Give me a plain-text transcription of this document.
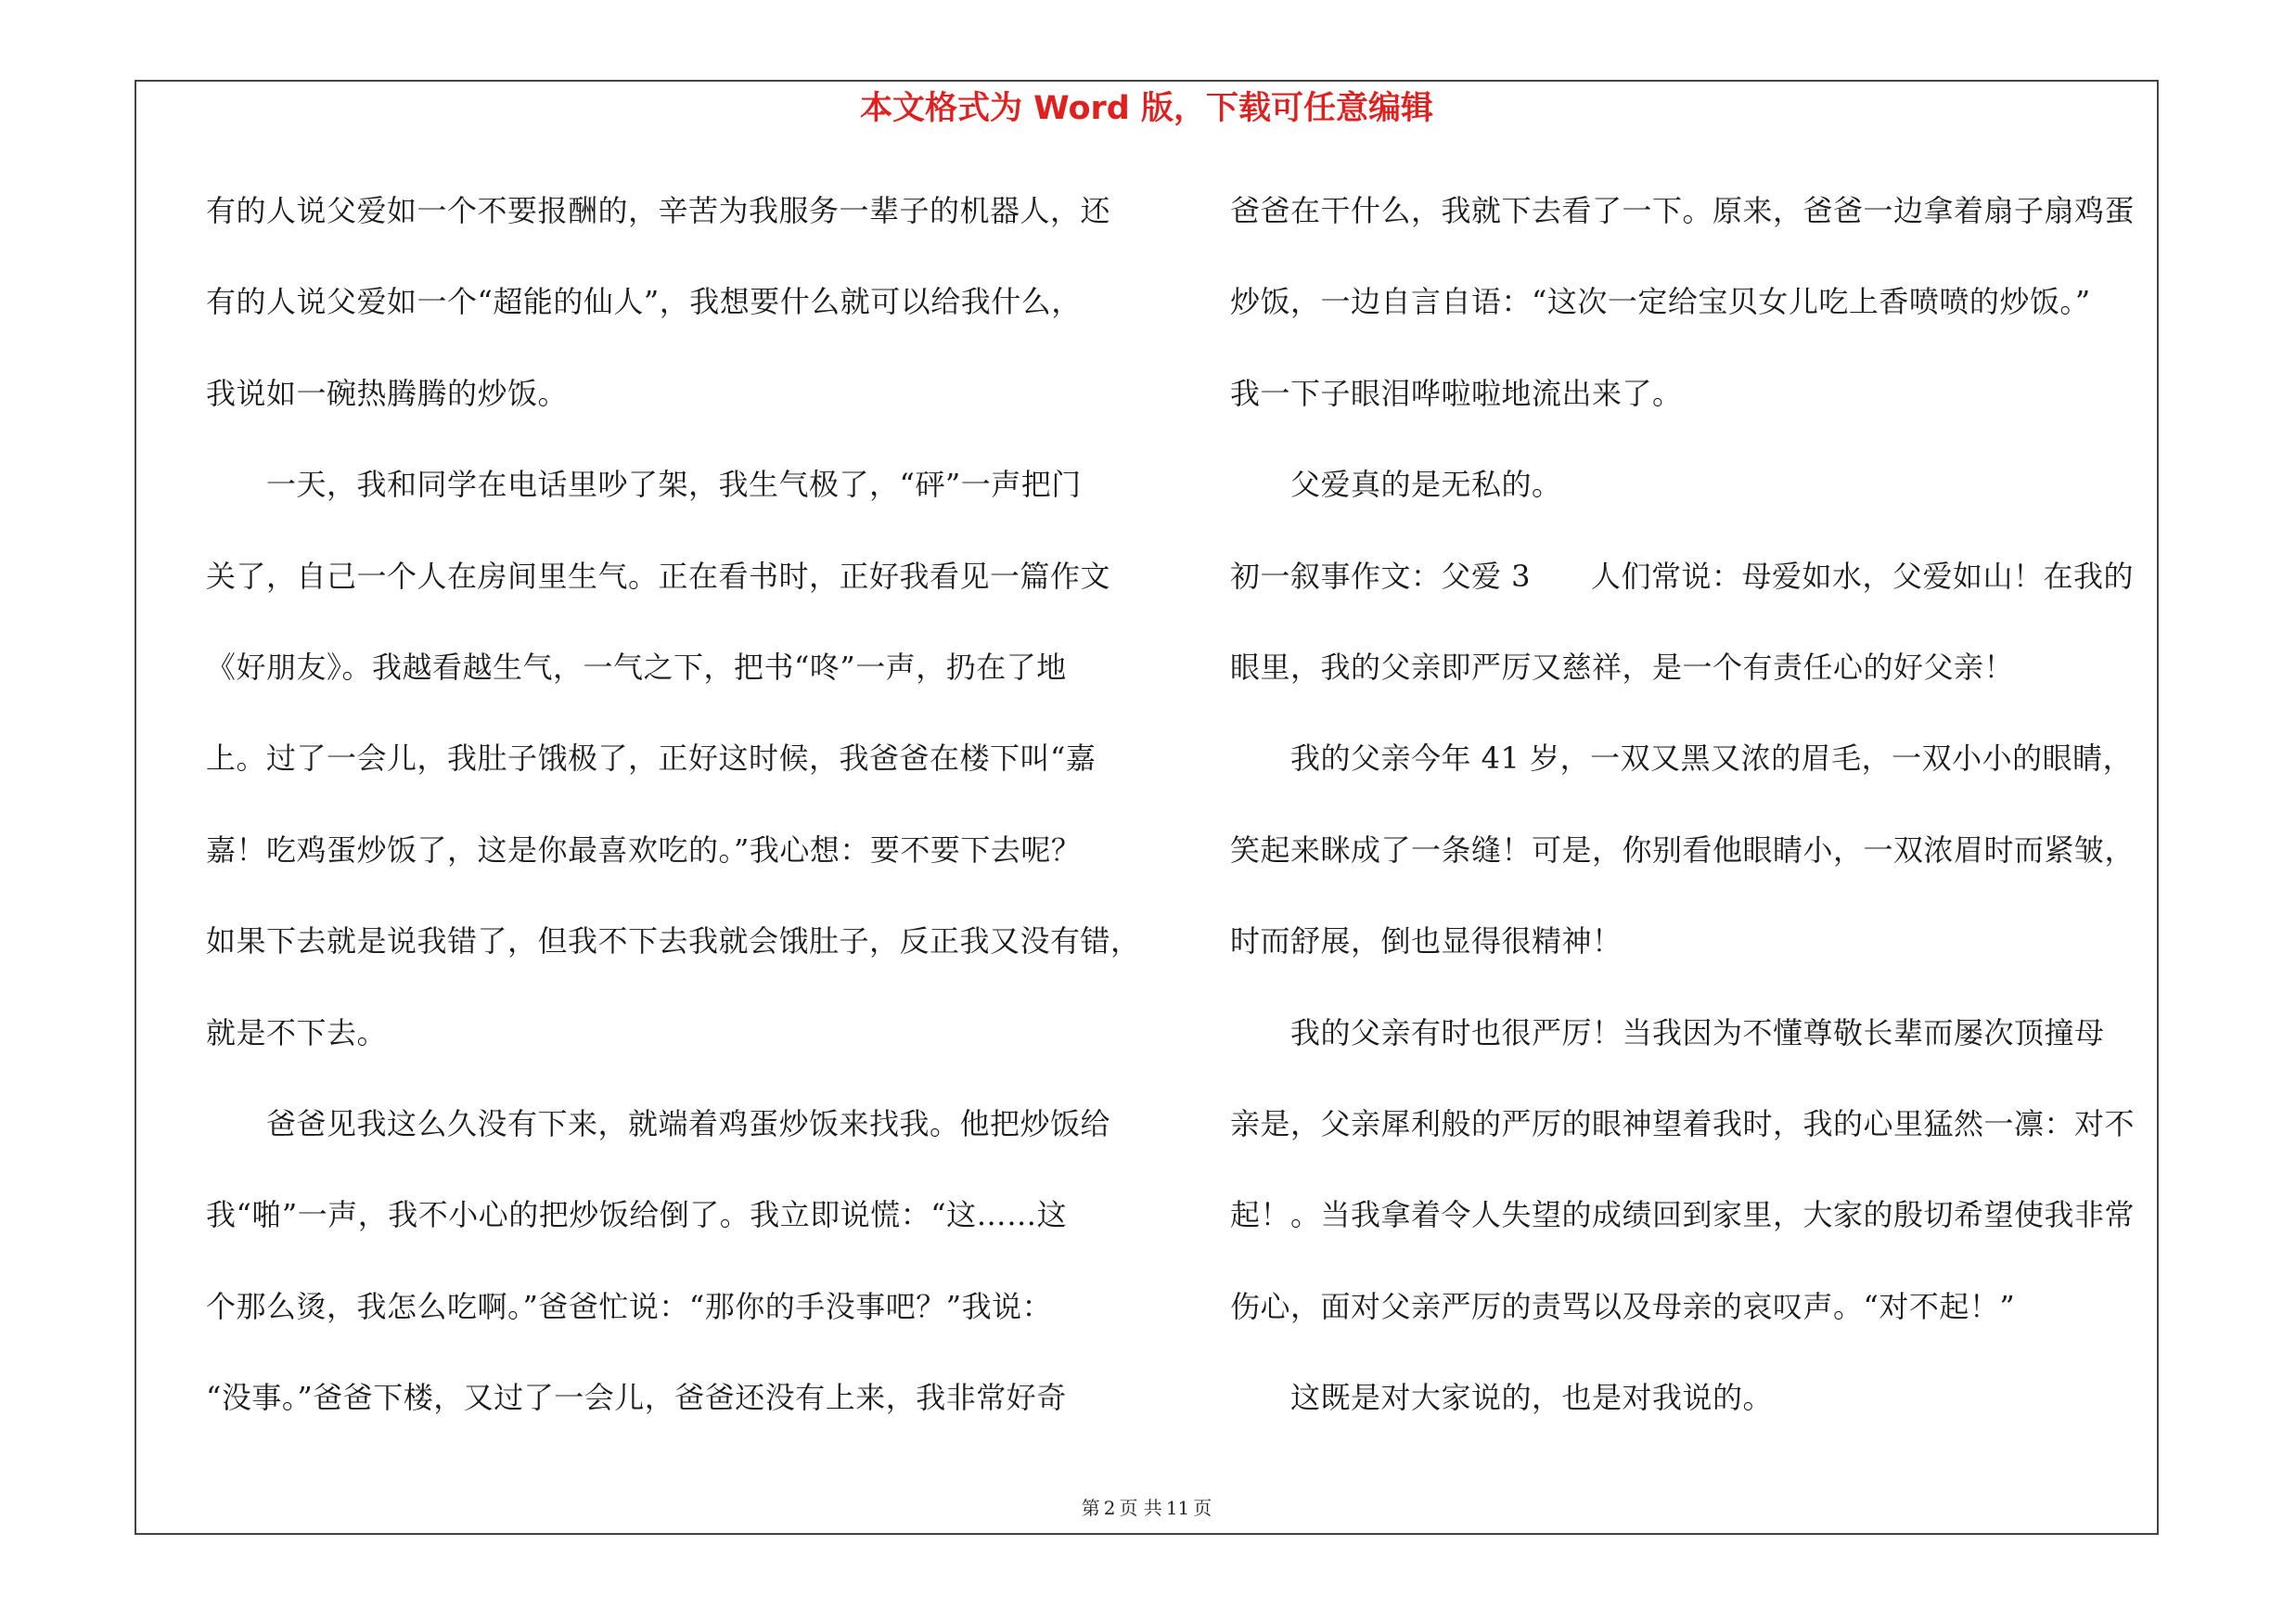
本文格式为 Word 版，下载可任意编辑

有的人说父爱如一个不要报酬的，辛苦为我服务一辈子的机器人，还

有的人说父爱如一个“超能的仙人”，我想要什么就可以给我什么，

我说如一碗热腾腾的炒饭。

　　一天，我和同学在电话里吵了架，我生气极了，“砰”一声把门

关了，自己一个人在房间里生气。正在看书时，正好我看见一篇作文

《好朋友》。我越看越生气，一气之下，把书“咚”一声，扔在了地

上。过了一会儿，我肚子饿极了，正好这时候，我爸爸在楼下叫“嘉

嘉！吃鸡蛋炒饭了，这是你最喜欢吃的。”我心想：要不要下去呢？

如果下去就是说我错了，但我不下去我就会饿肚子，反正我又没有错，

就是不下去。

　　爸爸见我这么久没有下来，就端着鸡蛋炒饭来找我。他把炒饭给

我“啪”一声，我不小心的把炒饭给倒了。我立即说慌：“这……这

个那么烫，我怎么吃啊。”爸爸忙说：“那你的手没事吧？”我说：

“没事。”爸爸下楼，又过了一会儿，爸爸还没有上来，我非常好奇

爸爸在干什么，我就下去看了一下。原来，爸爸一边拿着扇子扇鸡蛋

炒饭，一边自言自语：“这次一定给宝贝女儿吃上香喷喷的炒饭。”

我一下子眼泪哗啦啦地流出来了。

　　父爱真的是无私的。

初一叙事作文：父爱 3　　人们常说：母爱如水，父爱如山！在我的

眼里，我的父亲即严厉又慈祥，是一个有责任心的好父亲！

　　我的父亲今年 41 岁，一双又黑又浓的眉毛，一双小小的眼睛，

笑起来眯成了一条缝！可是，你别看他眼睛小，一双浓眉时而紧皱，

时而舒展，倒也显得很精神！

　　我的父亲有时也很严厉！当我因为不懂尊敬长辈而屡次顶撞母

亲是，父亲犀利般的严厉的眼神望着我时，我的心里猛然一凛：对不

起！。当我拿着令人失望的成绩回到家里，大家的殷切希望使我非常

伤心，面对父亲严厉的责骂以及母亲的哀叹声。“对不起！”

　　这既是对大家说的，也是对我说的。

第 2 页 共 11 页
